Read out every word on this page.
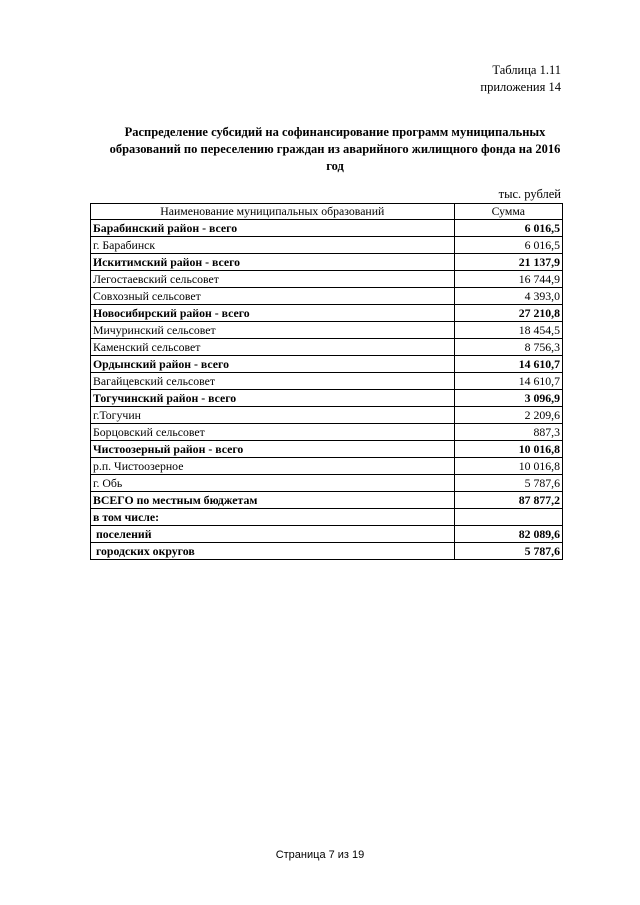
Таблица 1.11
приложения 14
Распределение субсидий на софинансирование программ муниципальных образований по переселению граждан из аварийного жилищного фонда на 2016 год
тыс. рублей
Наименование муниципальных образований	Сумма
Барабинский район - всего	6 016,5
г. Барабинск	6 016,5
Искитимский район - всего	21 137,9
Легостаевский сельсовет	16 744,9
Совхозный сельсовет	4 393,0
Новосибирский район - всего	27 210,8
Мичуринский сельсовет	18 454,5
Каменский сельсовет	8 756,3
Ордынский район - всего	14 610,7
Вагайцевский сельсовет	14 610,7
Тогучинский район - всего	3 096,9
г.Тогучин	2 209,6
Борцовский сельсовет	887,3
Чистоозерный район - всего	10 016,8
р.п. Чистоозерное	10 016,8
г. Обь	5 787,6
ВСЕГО по местным бюджетам	87 877,2
в том числе:	
поселений	82 089,6
городских округов	5 787,6
Страница 7 из 19
